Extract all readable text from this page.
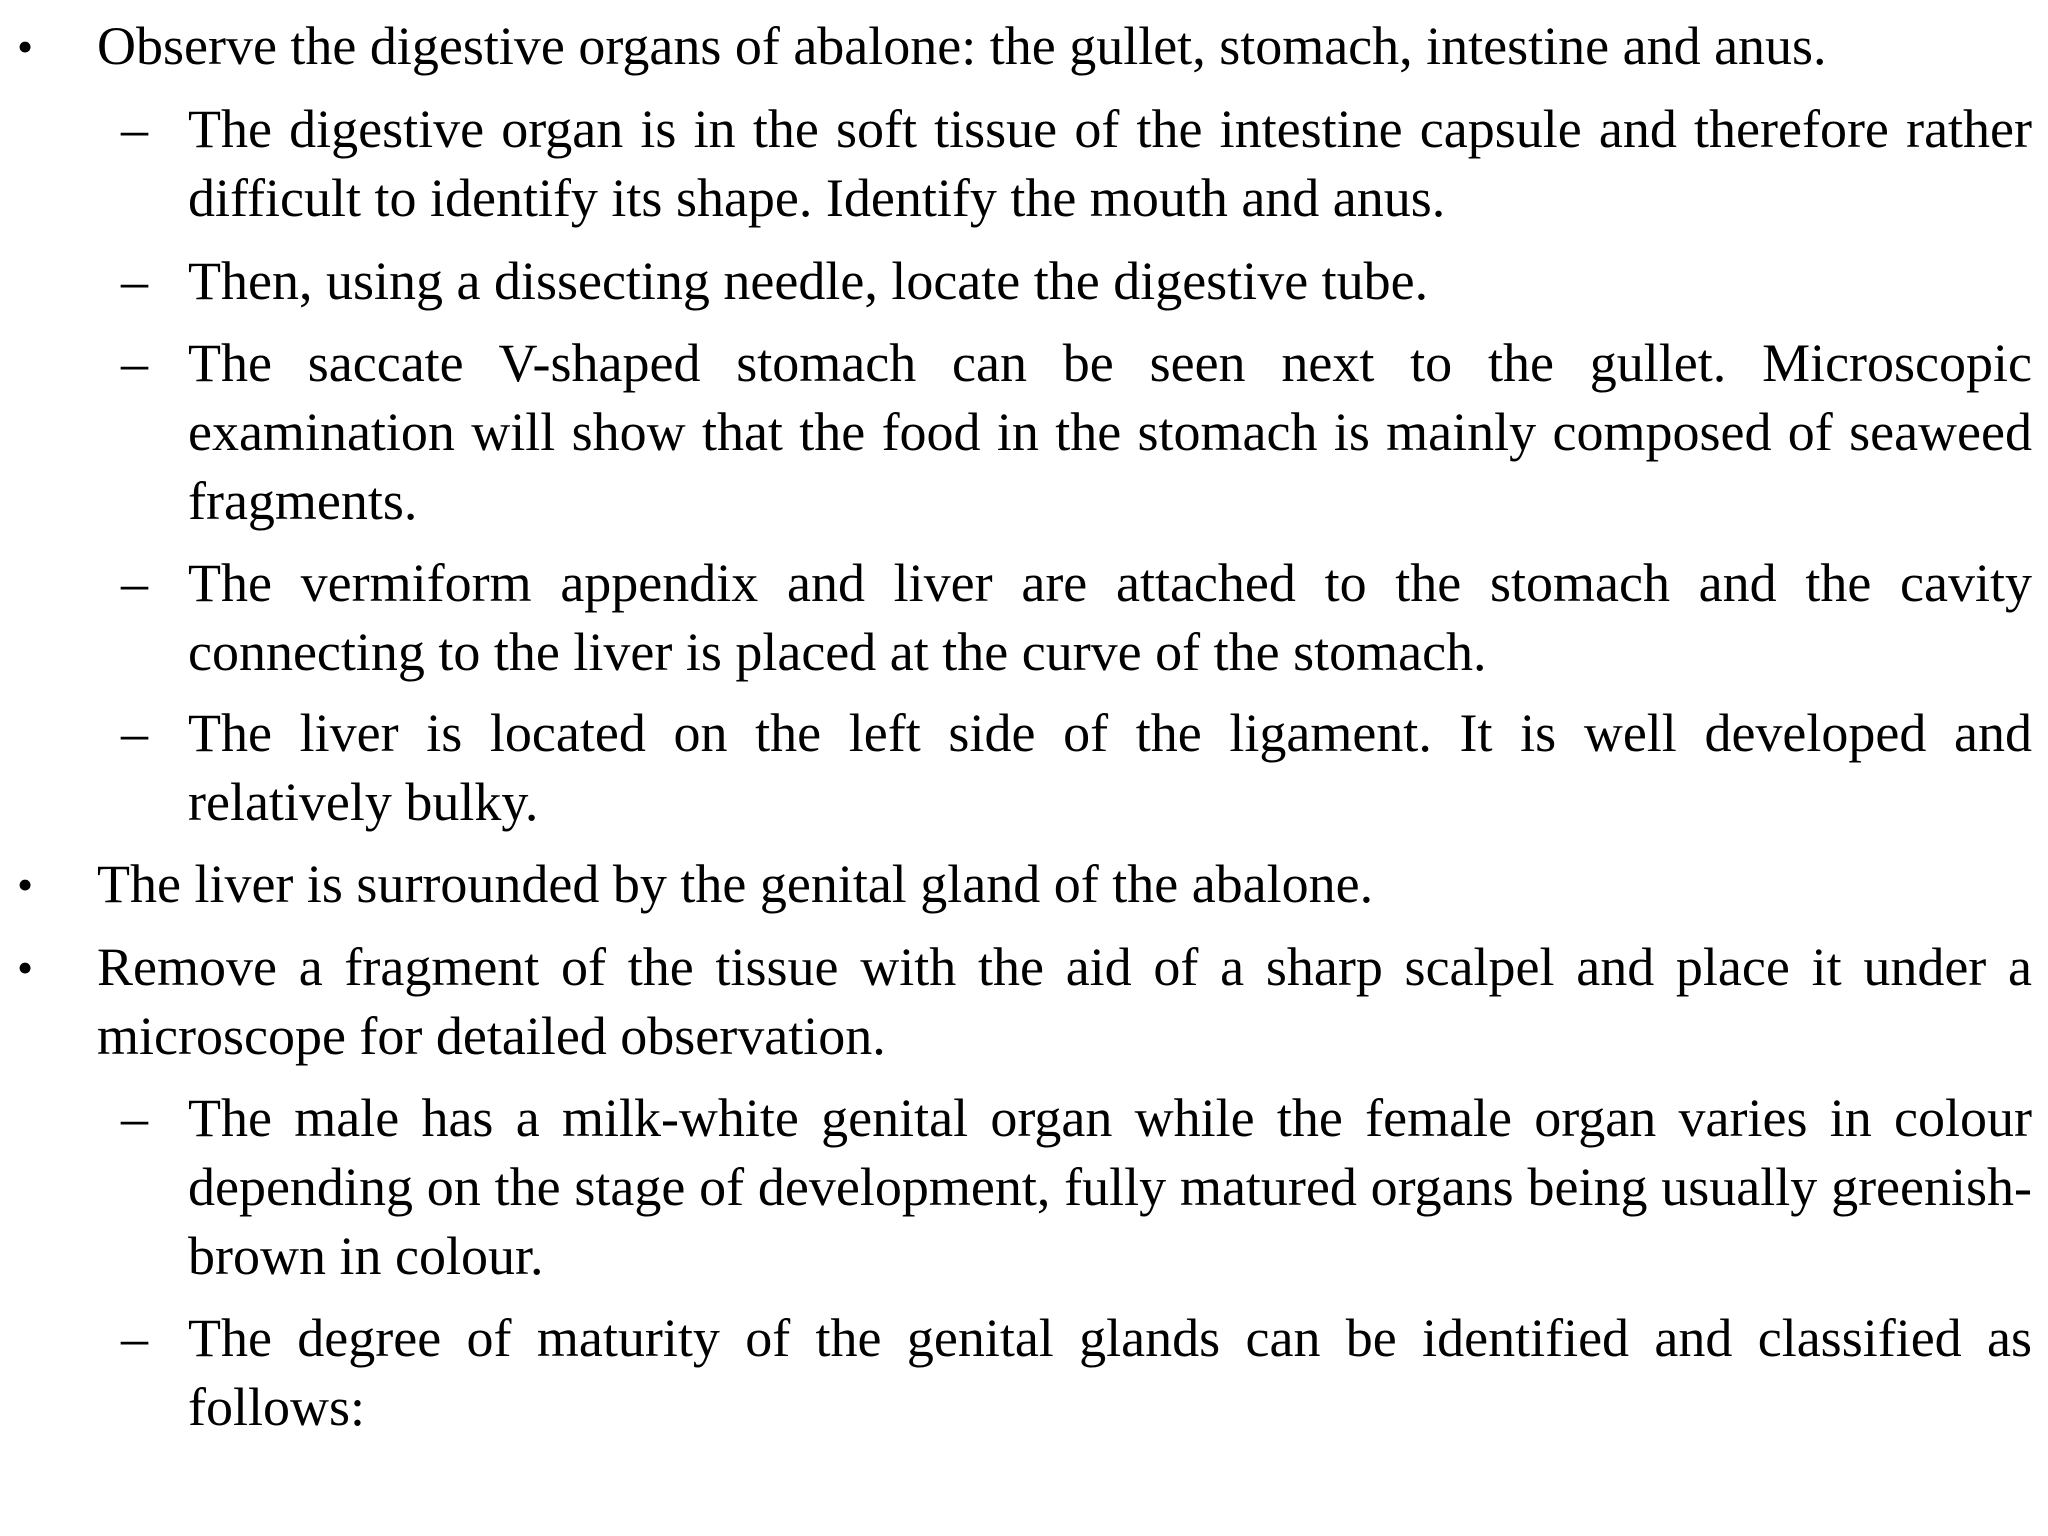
• Observe the digestive organs of abalone: the gullet, stomach, intestine and anus.
– The digestive organ is in the soft tissue of the intestine capsule and therefore rather difficult to identify its shape. Identify the mouth and anus.
– Then, using a dissecting needle, locate the digestive tube.
– The saccate V-shaped stomach can be seen next to the gullet. Microscopic examination will show that the food in the stomach is mainly composed of seaweed fragments.
– The vermiform appendix and liver are attached to the stomach and the cavity connecting to the liver is placed at the curve of the stomach.
– The liver is located on the left side of the ligament. It is well developed and relatively bulky.
• The liver is surrounded by the genital gland of the abalone.
• Remove a fragment of the tissue with the aid of a sharp scalpel and place it under a microscope for detailed observation.
– The male has a milk-white genital organ while the female organ varies in colour depending on the stage of development, fully matured organs being usually greenish-brown in colour.
– The degree of maturity of the genital glands can be identified and classified as follows:
